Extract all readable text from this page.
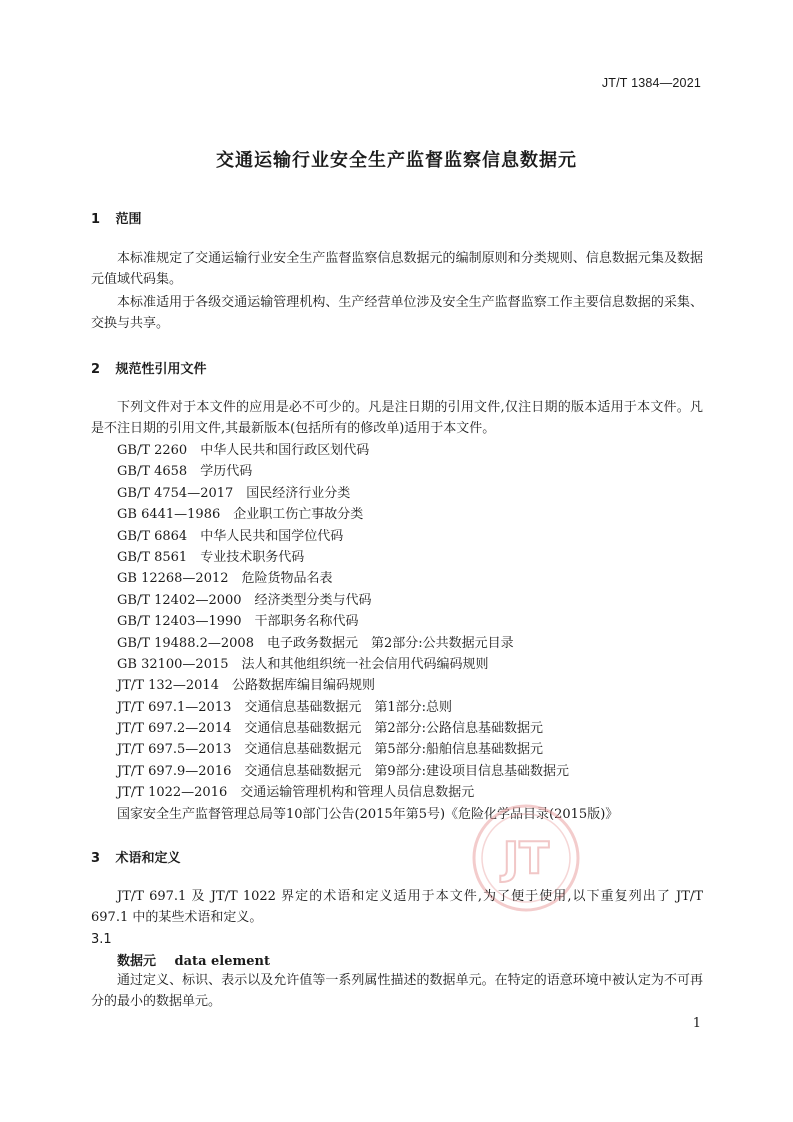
JT/T 1384—2021
交通运输行业安全生产监督监察信息数据元
1 范围
本标准规定了交通运输行业安全生产监督监察信息数据元的编制原则和分类规则、信息数据元集及数据元值域代码集。
本标准适用于各级交通运输管理机构、生产经营单位涉及安全生产监督监察工作主要信息数据的采集、交换与共享。
2 规范性引用文件
下列文件对于本文件的应用是必不可少的。凡是注日期的引用文件,仅注日期的版本适用于本文件。凡是不注日期的引用文件,其最新版本(包括所有的修改单)适用于本文件。
GB/T 2260　中华人民共和国行政区划代码
GB/T 4658　学历代码
GB/T 4754—2017　国民经济行业分类
GB 6441—1986　企业职工伤亡事故分类
GB/T 6864　中华人民共和国学位代码
GB/T 8561　专业技术职务代码
GB 12268—2012　危险货物品名表
GB/T 12402—2000　经济类型分类与代码
GB/T 12403—1990　干部职务名称代码
GB/T 19488.2—2008　电子政务数据元　第2部分:公共数据元目录
GB 32100—2015　法人和其他组织统一社会信用代码编码规则
JT/T 132—2014　公路数据库编目编码规则
JT/T 697.1—2013　交通信息基础数据元　第1部分:总则
JT/T 697.2—2014　交通信息基础数据元　第2部分:公路信息基础数据元
JT/T 697.5—2013　交通信息基础数据元　第5部分:船舶信息基础数据元
JT/T 697.9—2016　交通信息基础数据元　第9部分:建设项目信息基础数据元
JT/T 1022—2016　交通运输管理机构和管理人员信息数据元
国家安全生产监督管理总局等10部门公告(2015年第5号)《危险化学品目录(2015版)》
JT
3 术语和定义
JT/T 697.1 及 JT/T 1022 界定的术语和定义适用于本文件,为了便于使用,以下重复列出了 JT/T 697.1 中的某些术语和定义。
3.1
数据元 data element
通过定义、标识、表示以及允许值等一系列属性描述的数据单元。在特定的语意环境中被认定为不可再分的最小的数据单元。
1
